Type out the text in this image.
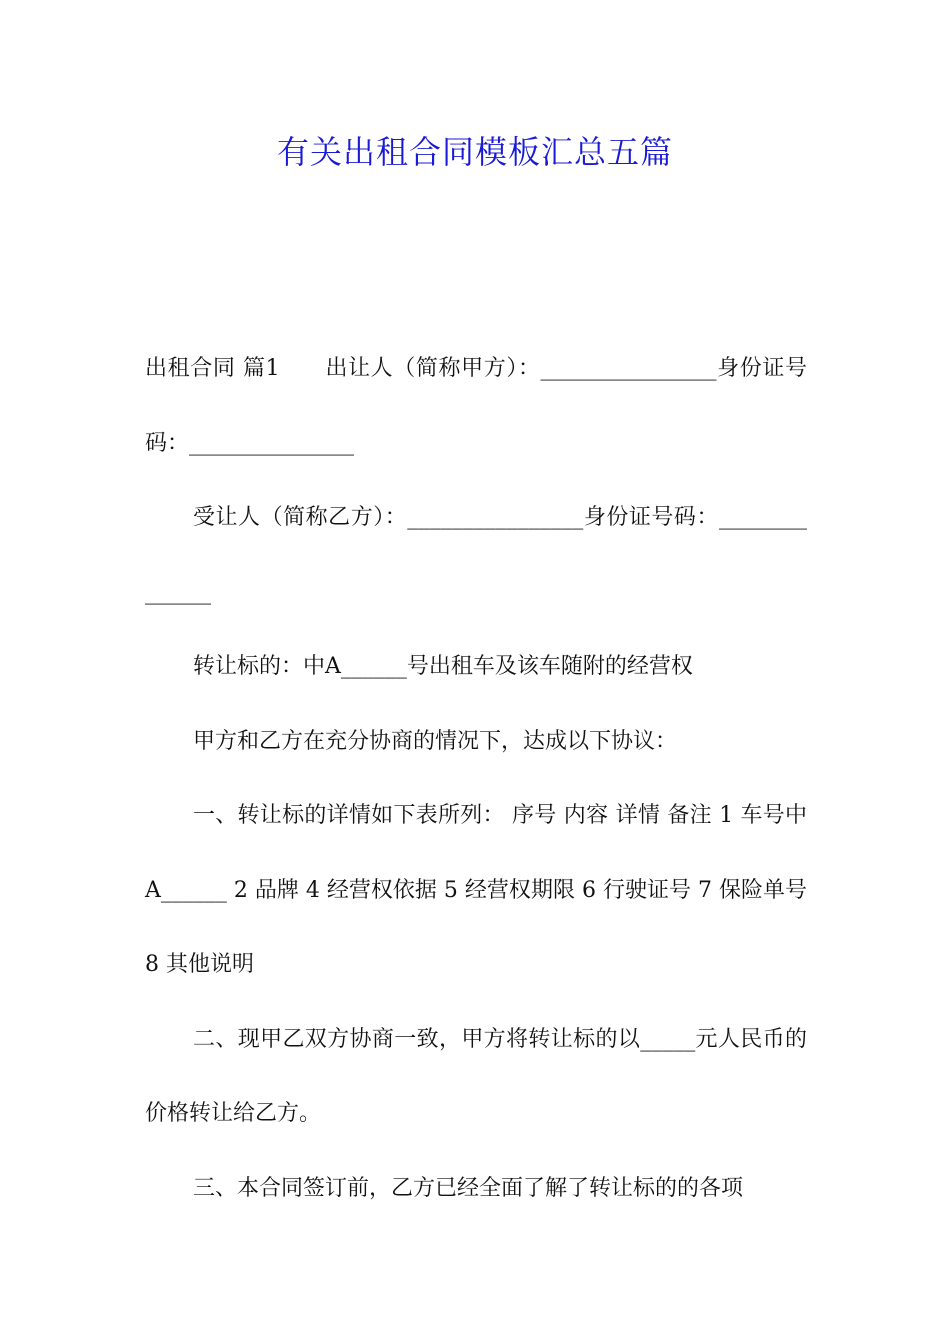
有关出租合同模板汇总五篇

出租合同 篇1　　出让人（简称甲方）：________________身份证号码：_______________

受让人（简称乙方）：________________身份证号码：______________

转让标的：中A______号出租车及该车随附的经营权

甲方和乙方在充分协商的情况下，达成以下协议：

一、转让标的详情如下表所列： 序号 内容 详情 备注 1 车号中A______ 2 品牌 4 经营权依据 5 经营权期限 6 行驶证号 7 保险单号 8 其他说明

二、现甲乙双方协商一致，甲方将转让标的以_____元人民币的 价格转让给乙方。

三、本合同签订前，乙方已经全面了解了转让标的的各项
